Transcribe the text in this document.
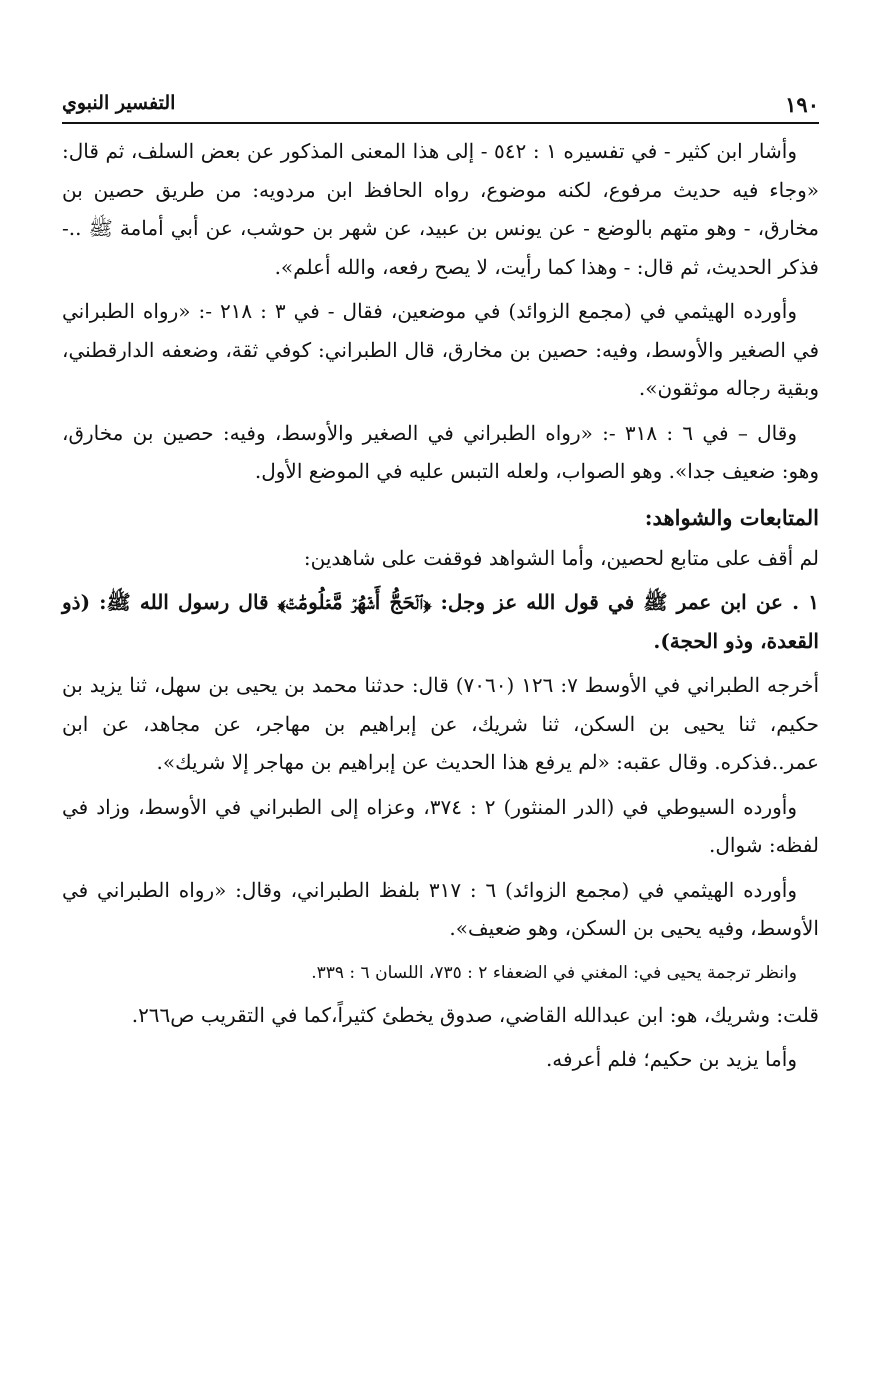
١٩٠
التفسير النبوي

وأشار ابن كثير - في تفسيره ١ : ٥٤٢ - إلى هذا المعنى المذكور عن بعض السلف، ثم قال: «وجاء فيه حديث مرفوع، لكنه موضوع، رواه الحافظ ابن مردويه: من طريق حصين بن مخارق، - وهو متهم بالوضع - عن يونس بن عبيد، عن شهر بن حوشب، عن أبي أمامة ﷺ ..- فذكر الحديث، ثم قال: - وهذا كما رأيت، لا يصح رفعه، والله أعلم».

وأورده الهيثمي في (مجمع الزوائد) في موضعين، فقال - في ٣ : ٢١٨ -: «رواه الطبراني في الصغير والأوسط، وفيه: حصين بن مخارق، قال الطبراني: كوفي ثقة، وضعفه الدارقطني، وبقية رجاله موثقون».

وقال – في ٦ : ٣١٨ -: «رواه الطبراني في الصغير والأوسط، وفيه: حصين بن مخارق، وهو: ضعيف جدا». وهو الصواب، ولعله التبس عليه في الموضع الأول.

المتابعات والشواهد:

لم أقف على متابع لحصين، وأما الشواهد فوقفت على شاهدين:

١ . عن ابن عمر ﷺ في قول الله عز وجل: ﴿ٱلۡحَجُّ أَشۡهُرٞ مَّعۡلُومَٰتٞ﴾ قال رسول الله ﷺ: (ذو القعدة، وذو الحجة).

أخرجه الطبراني في الأوسط ٧: ١٢٦ (٧٠٦٠) قال: حدثنا محمد بن يحيى بن سهل، ثنا يزيد بن حكيم، ثنا يحيى بن السكن، ثنا شريك، عن إبراهيم بن مهاجر، عن مجاهد، عن ابن عمر..فذكره. وقال عقبه: «لم يرفع هذا الحديث عن إبراهيم بن مهاجر إلا شريك».

وأورده السيوطي في (الدر المنثور) ٢ : ٣٧٤، وعزاه إلى الطبراني في الأوسط، وزاد في لفظه: شوال.

وأورده الهيثمي في (مجمع الزوائد) ٦ : ٣١٧ بلفظ الطبراني، وقال: «رواه الطبراني في الأوسط، وفيه يحيى بن السكن، وهو ضعيف».

وانظر ترجمة يحيى في: المغني في الضعفاء ٢ : ٧٣٥، اللسان ٦ : ٣٣٩.

قلت: وشريك، هو: ابن عبدالله القاضي، صدوق يخطئ كثيراً،كما في التقريب ص٢٦٦.

وأما يزيد بن حكيم؛ فلم أعرفه.
